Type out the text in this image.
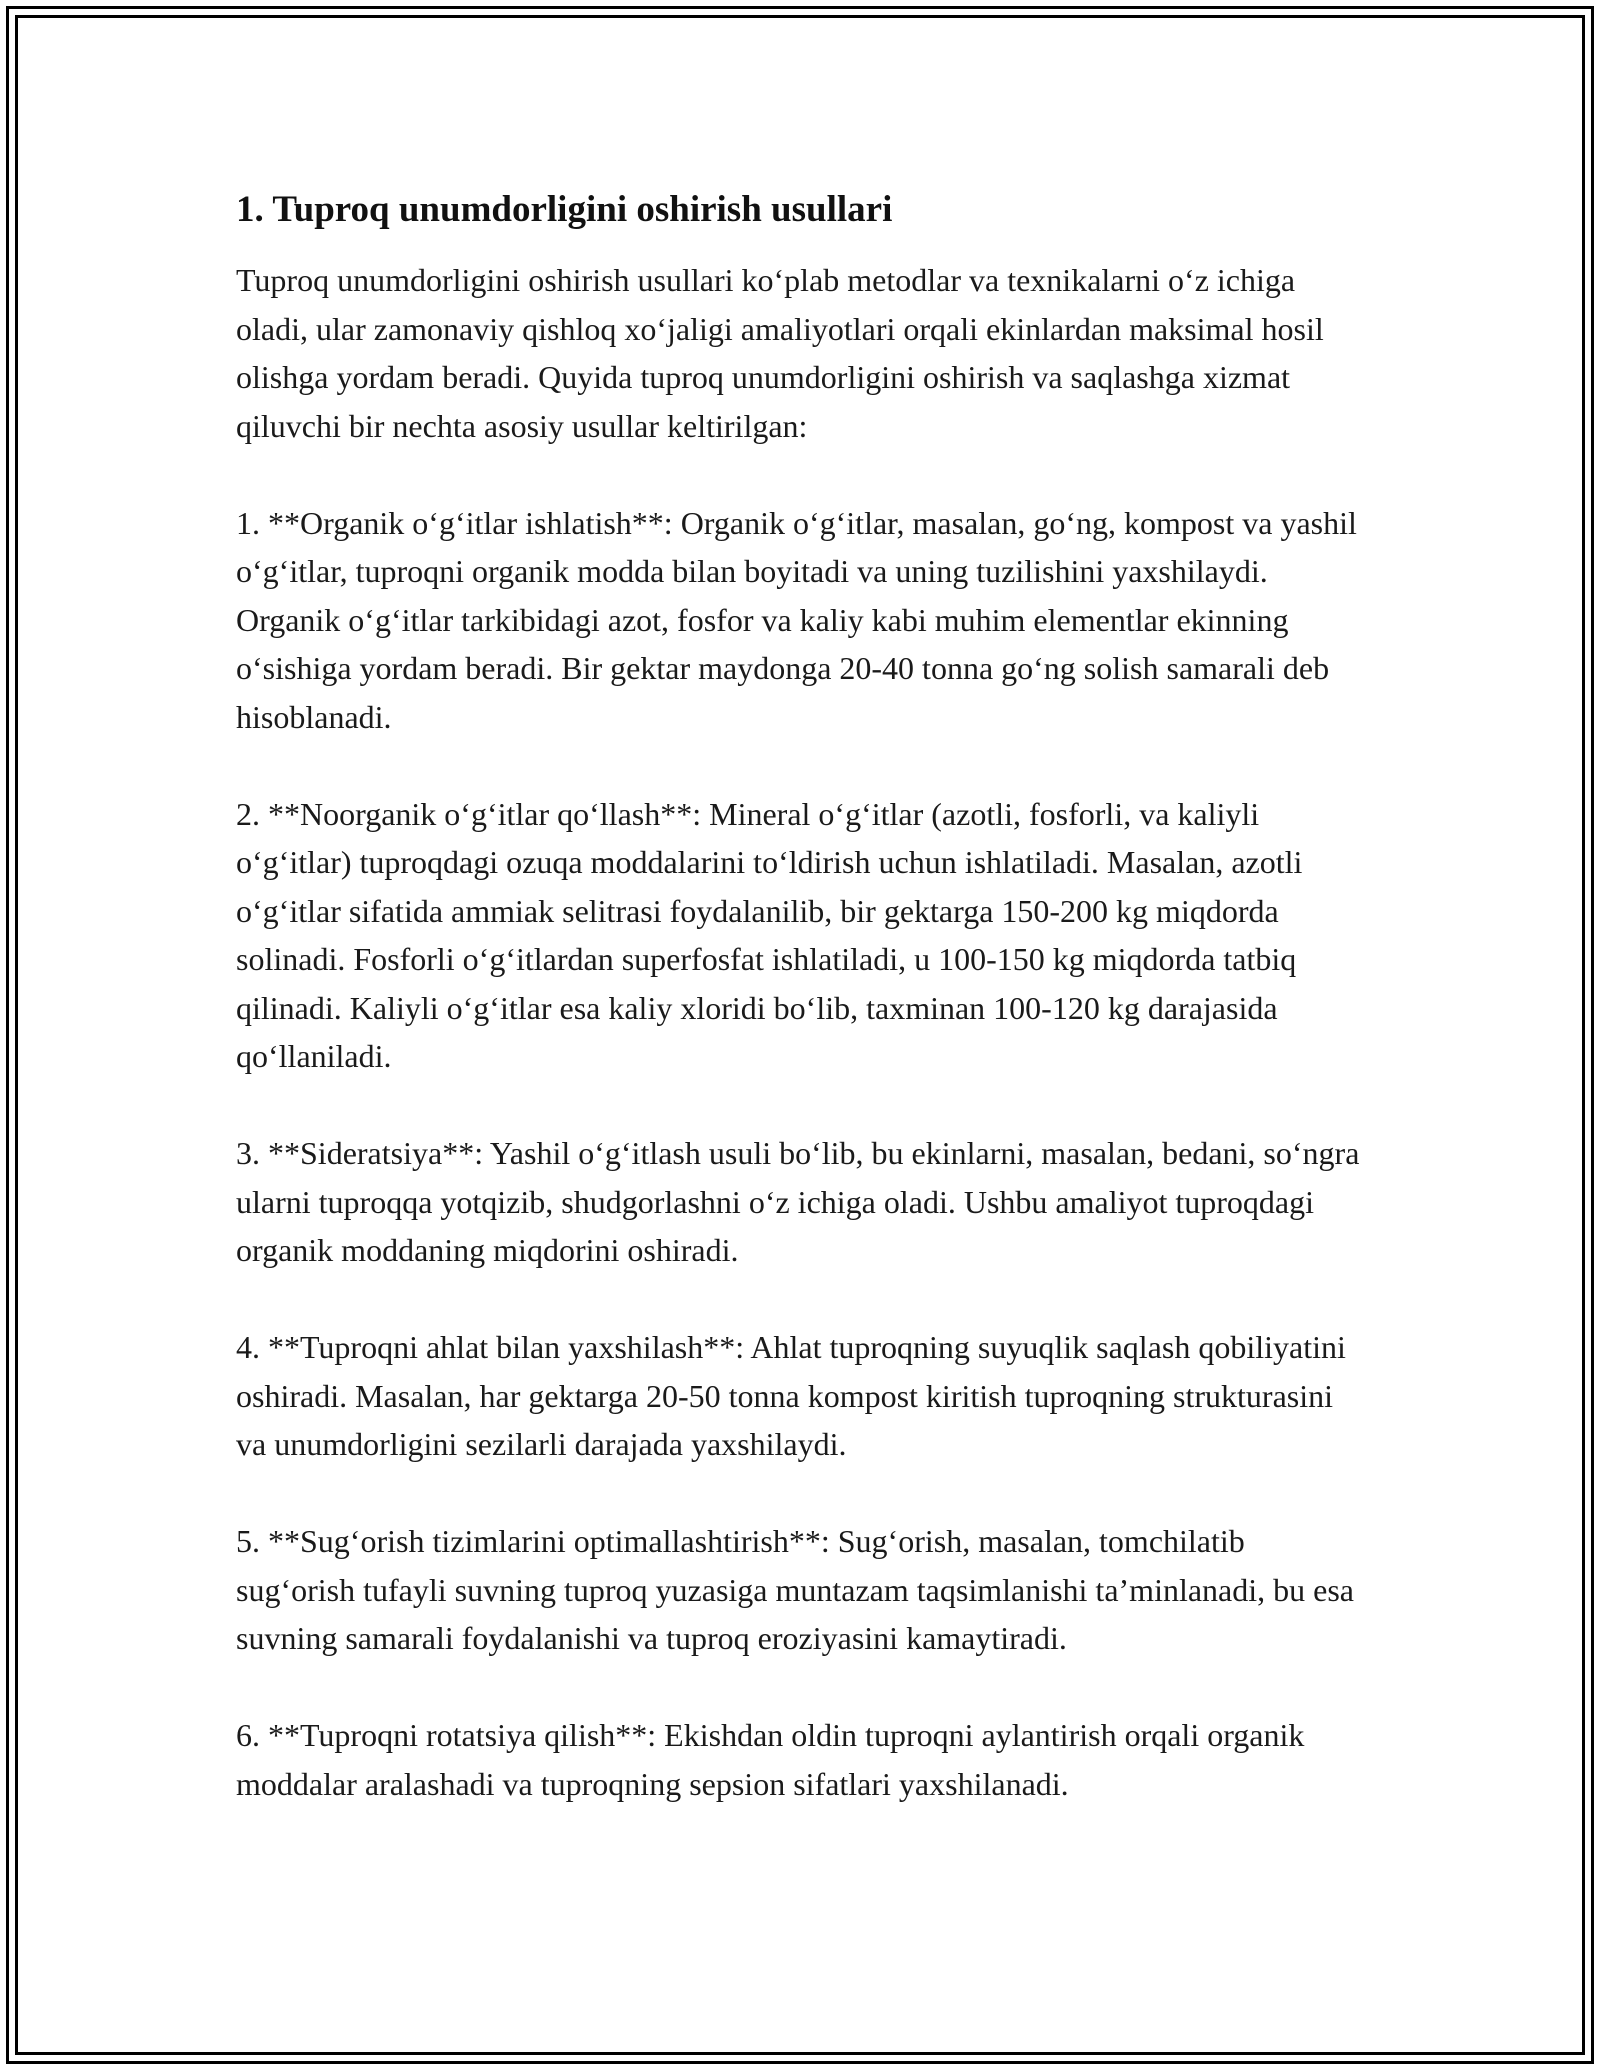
1. Tuproq unumdorligini oshirish usullari

Tuproq unumdorligini oshirish usullari ko‘plab metodlar va texnikalarni o‘z ichiga oladi, ular zamonaviy qishloq xo‘jaligi amaliyotlari orqali ekinlardan maksimal hosil olishga yordam beradi. Quyida tuproq unumdorligini oshirish va saqlashga xizmat qiluvchi bir nechta asosiy usullar keltirilgan:

1. **Organik o‘g‘itlar ishlatish**: Organik o‘g‘itlar, masalan, go‘ng, kompost va yashil o‘g‘itlar, tuproqni organik modda bilan boyitadi va uning tuzilishini yaxshilaydi. Organik o‘g‘itlar tarkibidagi azot, fosfor va kaliy kabi muhim elementlar ekinning o‘sishiga yordam beradi. Bir gektar maydonga 20-40 tonna go‘ng solish samarali deb hisoblanadi.

2. **Noorganik o‘g‘itlar qo‘llash**: Mineral o‘g‘itlar (azotli, fosforli, va kaliyli o‘g‘itlar) tuproqdagi ozuqa moddalarini to‘ldirish uchun ishlatiladi. Masalan, azotli o‘g‘itlar sifatida ammiak selitrasi foydalanilib, bir gektarga 150-200 kg miqdorda solinadi. Fosforli o‘g‘itlardan superfosfat ishlatiladi, u 100-150 kg miqdorda tatbiq qilinadi. Kaliyli o‘g‘itlar esa kaliy xloridi bo‘lib, taxminan 100-120 kg darajasida qo‘llaniladi.

3. **Sideratsiya**: Yashil o‘g‘itlash usuli bo‘lib, bu ekinlarni, masalan, bedani, so‘ngra ularni tuproqqa yotqizib, shudgorlashni o‘z ichiga oladi. Ushbu amaliyot tuproqdagi organik moddaning miqdorini oshiradi.

4. **Tuproqni ahlat bilan yaxshilash**: Ahlat tuproqning suyuqlik saqlash qobiliyatini oshiradi. Masalan, har gektarga 20-50 tonna kompost kiritish tuproqning strukturasini va unumdorligini sezilarli darajada yaxshilaydi.

5. **Sug‘orish tizimlarini optimallashtirish**: Sug‘orish, masalan, tomchilatib sug‘orish tufayli suvning tuproq yuzasiga muntazam taqsimlanishi ta’minlanadi, bu esa suvning samarali foydalanishi va tuproq eroziyasini kamaytiradi.

6. **Tuproqni rotatsiya qilish**: Ekishdan oldin tuproqni aylantirish orqali organik moddalar aralashadi va tuproqning sepsion sifatlari yaxshilanadi.
